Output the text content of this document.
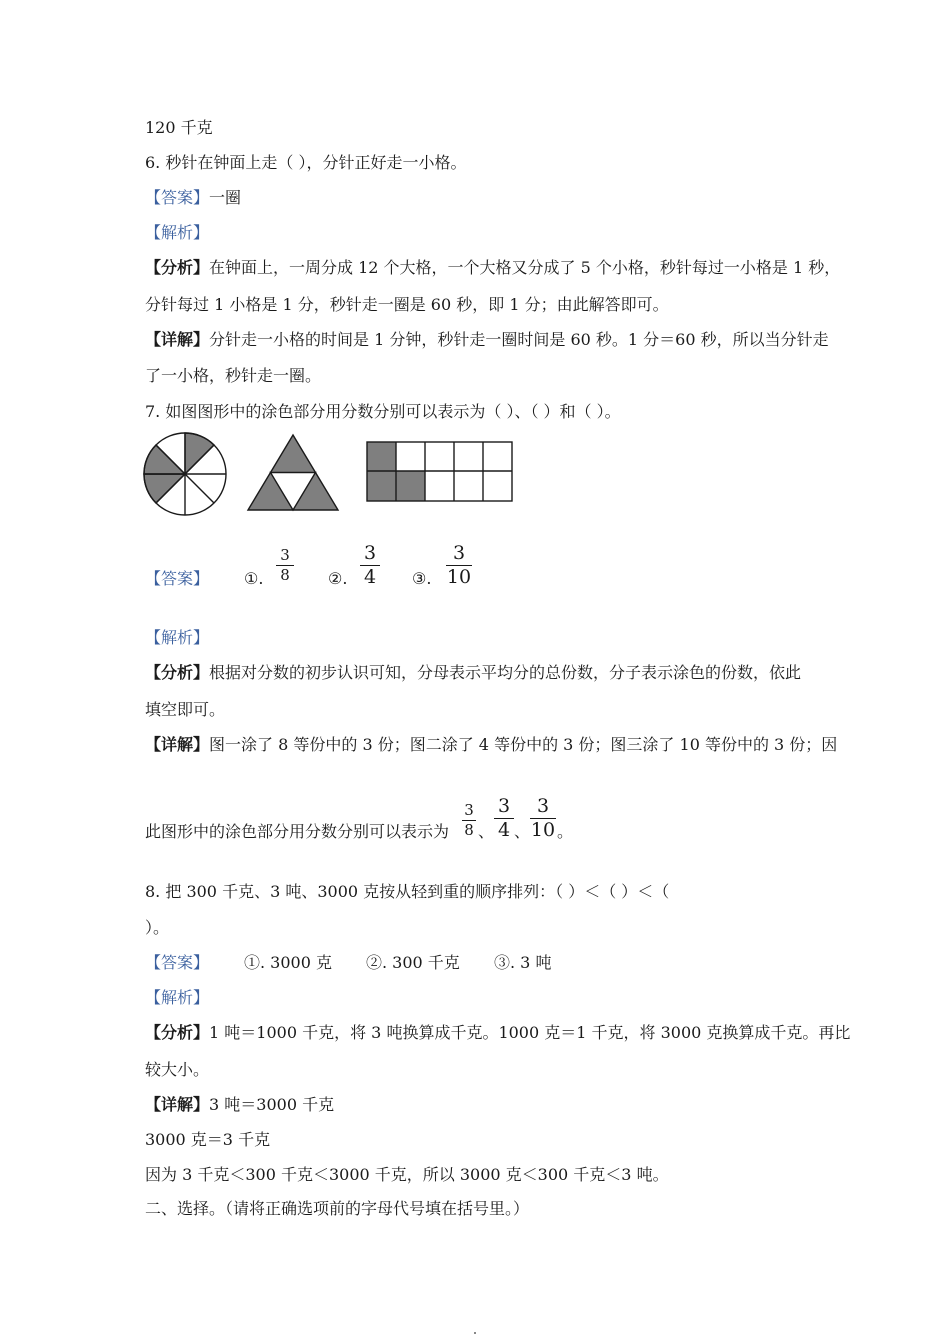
120 千克
6. 秒针在钟面上走（ ），分针正好走一小格。
【答案】一圈
【解析】
【分析】在钟面上，一周分成 12 个大格，一个大格又分成了 5 个小格，秒针每过一小格是 1 秒，
分针每过 1 小格是 1 分，秒针走一圈是 60 秒，即 1 分；由此解答即可。
【详解】分针走一小格的时间是 1 分钟，秒针走一圈时间是 60 秒。1 分＝60 秒，所以当分针走
了一小格，秒针走一圈。
7. 如图图形中的涂色部分用分数分别可以表示为（ ）、（ ）和（ ）。
【答案】 ①.
3
8 ②.
3
4 ③.
3
10
【解析】
【分析】根据对分数的初步认识可知，分母表示平均分的总份数，分子表示涂色的份数，依此
填空即可。
【详解】图一涂了 8 等份中的 3 份；图二涂了 4 等份中的 3 份；图三涂了 10 等份中的 3 份；因
此图形中的涂色部分用分数分别可以表示为
3
8 、
3
4 、
3
10 。
8. 把 300 千克、3 吨、3000 克按从轻到重的顺序排列：（ ）＜（ ）＜（
）。
【答案】 ①. 3000 克 ②. 300 千克 ③. 3 吨
【解析】
【分析】1 吨＝1000 千克，将 3 吨换算成千克。1000 克＝1 千克，将 3000 克换算成千克。再比
较大小。
【详解】3 吨＝3000 千克
3000 克＝3 千克
因为 3 千克＜300 千克＜3000 千克，所以 3000 克＜300 千克＜3 吨。
二、选择。（请将正确选项前的字母代号填在括号里。）
